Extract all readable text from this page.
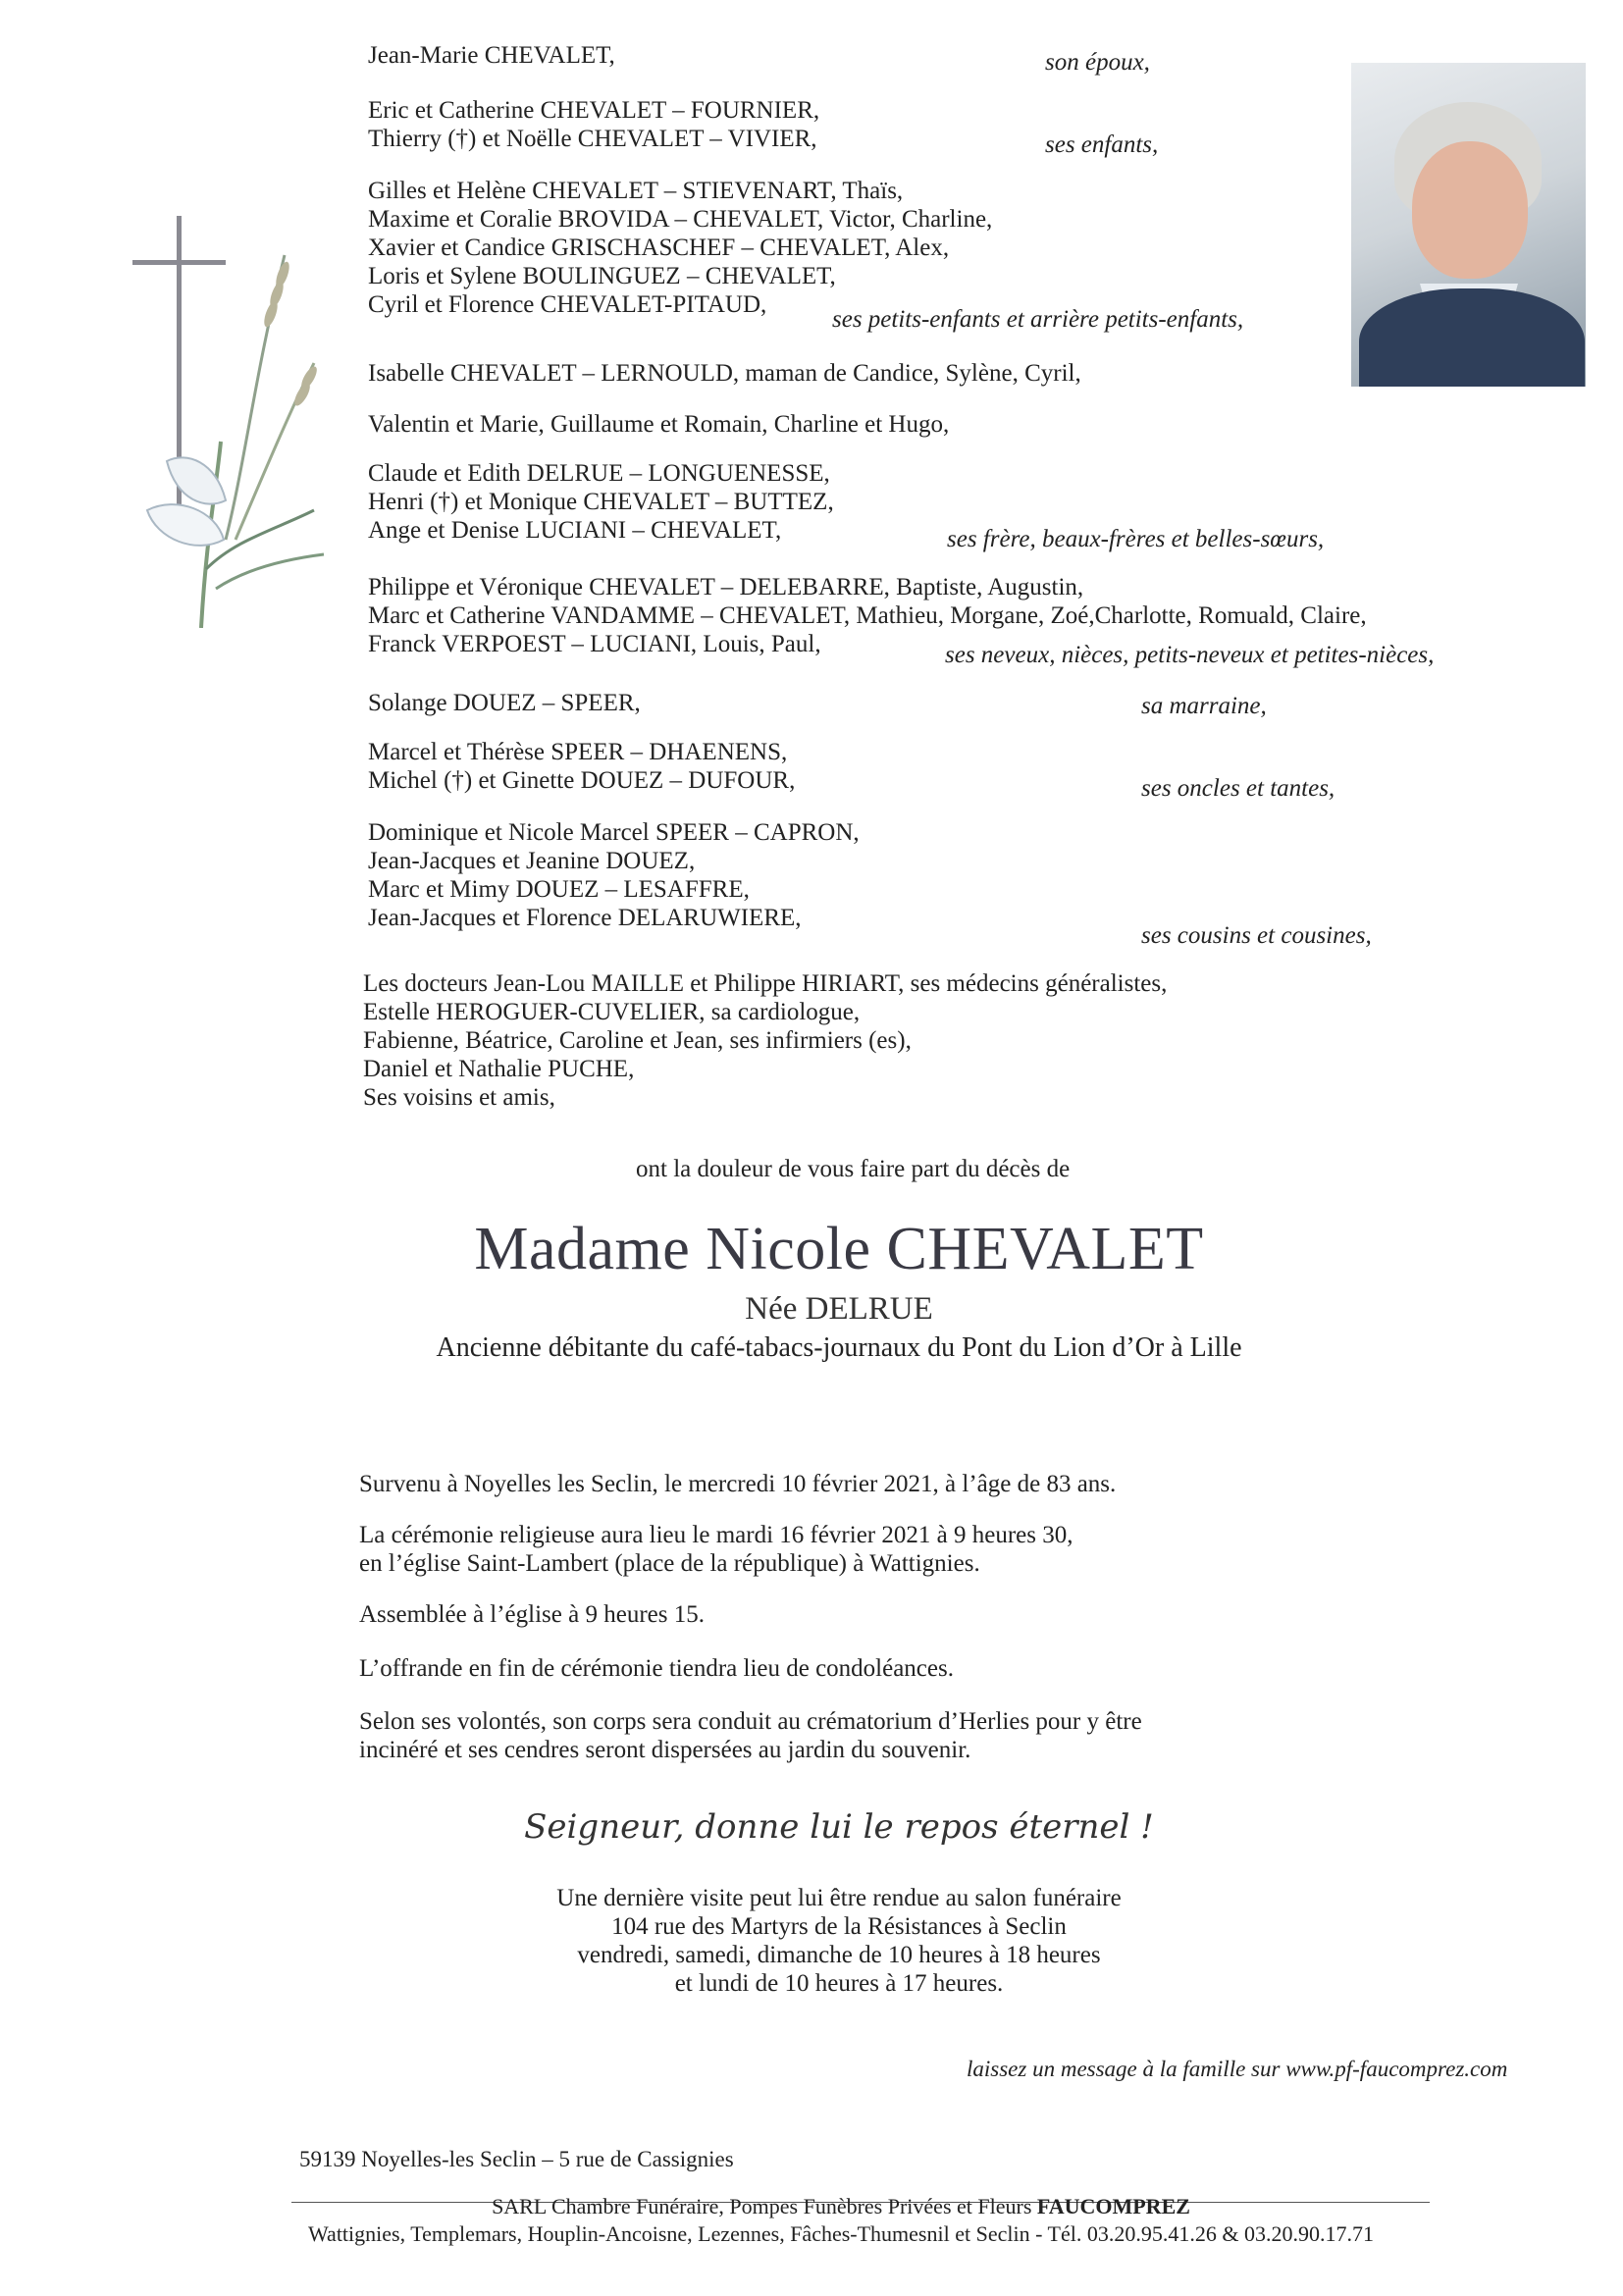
Jean-Marie CHEVALET,	son époux,
Eric et Catherine CHEVALET – FOURNIER,
Thierry (†) et Noëlle CHEVALET – VIVIER,	ses enfants,
Gilles et Helène CHEVALET – STIEVENART, Thaïs,
Maxime et Coralie BROVIDA – CHEVALET, Victor, Charline,
Xavier et Candice GRISCHASCHEF – CHEVALET, Alex,
Loris et Sylene BOULINGUEZ – CHEVALET,
Cyril et Florence CHEVALET-PITAUD,
ses petits-enfants et arrière petits-enfants,
Isabelle CHEVALET – LERNOULD, maman de Candice, Sylène, Cyril,
Valentin et Marie, Guillaume et Romain, Charline et Hugo,
Claude et Edith DELRUE – LONGUENESSE,
Henri (†) et Monique CHEVALET – BUTTEZ,
Ange et Denise LUCIANI – CHEVALET,	ses frère, beaux-frères et belles-sœurs,
Philippe et Véronique CHEVALET – DELEBARRE, Baptiste, Augustin,
Marc et Catherine VANDAMME – CHEVALET, Mathieu, Morgane, Zoé,Charlotte, Romuald, Claire,
Franck VERPOEST – LUCIANI, Louis, Paul,	ses neveux, nièces, petits-neveux et petites-nièces,
Solange DOUEZ – SPEER,	sa marraine,
Marcel et Thérèse SPEER – DHAENENS,
Michel (†) et Ginette DOUEZ – DUFOUR,	ses oncles et tantes,
Dominique et Nicole Marcel SPEER – CAPRON,
Jean-Jacques et Jeanine DOUEZ,
Marc et Mimy DOUEZ – LESAFFRE,
Jean-Jacques et Florence DELARUWIERE,
ses cousins et cousines,
Les docteurs Jean-Lou MAILLE et Philippe HIRIART, ses médecins généralistes,
Estelle HEROGUER-CUVELIER, sa cardiologue,
Fabienne, Béatrice, Caroline et Jean, ses infirmiers (es),
Daniel et Nathalie PUCHE,
Ses voisins et amis,
ont la douleur de vous faire part du décès de
Madame Nicole CHEVALET
Née DELRUE
Ancienne débitante du café-tabacs-journaux du Pont du Lion d’Or à Lille
Survenu à Noyelles les Seclin, le mercredi 10 février 2021, à l’âge de 83 ans.
La cérémonie religieuse aura lieu le mardi 16 février 2021 à 9 heures 30,
en l’église Saint-Lambert (place de la république) à Wattignies.
Assemblée à l’église à 9 heures 15.
L’offrande en fin de cérémonie tiendra lieu de condoléances.
Selon ses volontés, son corps sera conduit au crématorium d’Herlies pour y être
incinéré et ses cendres seront dispersées au jardin du souvenir.
Seigneur, donne lui le repos éternel !
Une dernière visite peut lui être rendue au salon funéraire
104 rue des Martyrs de la Résistances à Seclin
vendredi, samedi, dimanche de 10 heures à 18 heures
et lundi de 10 heures à 17 heures.
laissez un message à la famille sur www.pf-faucomprez.com
59139 Noyelles-les Seclin – 5 rue de Cassignies
SARL Chambre Funéraire, Pompes Funèbres Privées et Fleurs FAUCOMPREZ
Wattignies, Templemars, Houplin-Ancoisne, Lezennes, Fâches-Thumesnil et Seclin - Tél. 03.20.95.41.26 & 03.20.90.17.71
